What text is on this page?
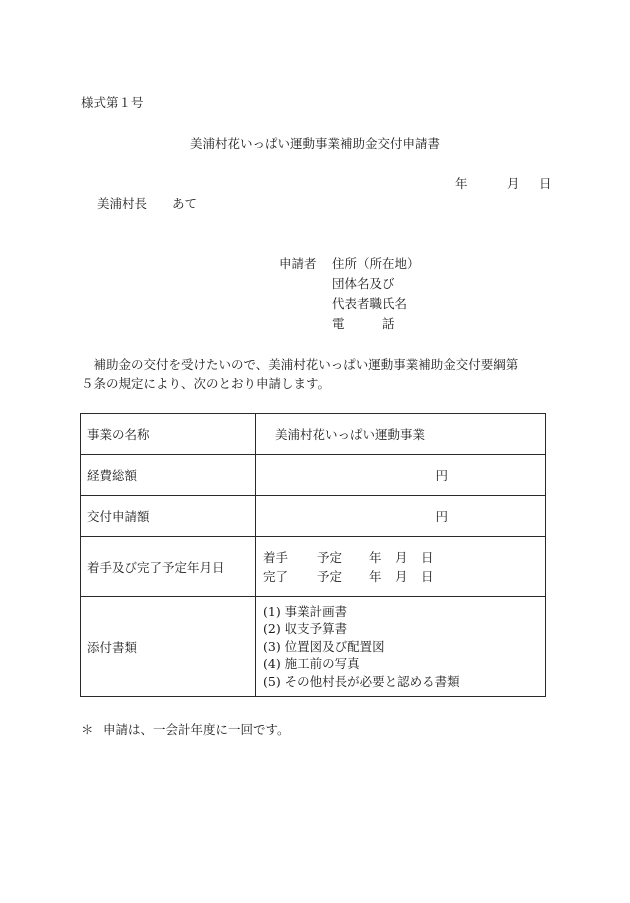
様式第１号
美浦村花いっぱい運動事業補助金交付申請書
年	月 日
美浦村長　　あて
申請者 住所（所在地）
団体名及び
代表者職氏名
電　　　話
　補助金の交付を受けたいので、美浦村花いっぱい運動事業補助金交付要綱第
５条の規定により、次のとおり申請します。
事業の名称	美浦村花いっぱい運動事業
経費総額	円

交付申請額	円

着手及び完了予定年月日	着手 予定 年 月 日
完了 予定 年 月 日

添付書類	(1) 事業計画書
(2) 収支予算書
(3) 位置図及び配置図
(4) 施工前の写真
(5) その他村長が必要と認める書類
＊ 申請は、一会計年度に一回です。
